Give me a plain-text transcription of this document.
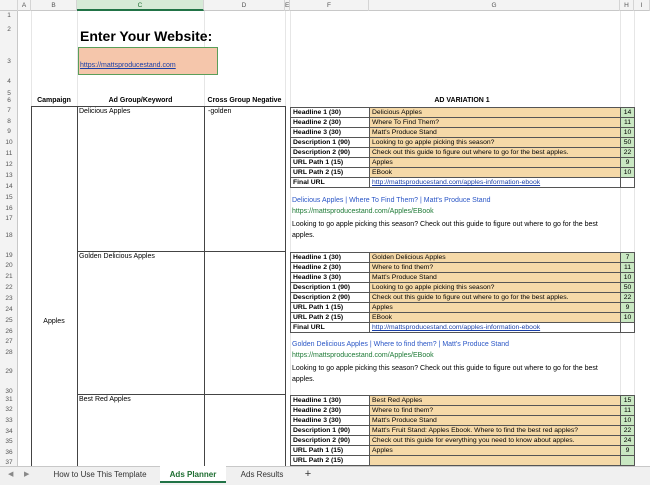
A	B	C	D	E	F	G	H	I
1
2
3
4
5
6
7
8
9
10
11
12
13
14
15
16
17
18
19
20
21
22
23
24
25
26
27
28
29
30
31
32
33
34
35
36
37
Enter Your Website:
https://mattsproducestand.com
Campaign	Ad Group/Keyword	Cross Group Negative	AD VARIATION 1
Apples
Delicious Apples	-golden
Golden Delicious Apples
Best Red Apples
Headline 1 (30)	Delicious Apples	14
Headline 2 (30)	Where To Find Them?	11
Headline 3 (30)	Matt's Produce Stand	10
Description 1 (90)	Looking to go apple picking this season?	50
Description 2 (90)	Check out this guide to figure out where to go for the best apples.	22
URL Path 1 (15)	Apples	9
URL Path 2 (15)	EBook	10
Final URL	http://mattsproducestand.com/apples-information-ebook	
Delicious Apples | Where To Find Them? | Matt's Produce Stand
https://mattsproducestand.com/Apples/EBook
Looking to go apple picking this season? Check out this guide to figure out where to go for the best
apples.
Headline 1 (30)	Golden Delicious Apples	7
Headline 2 (30)	Where to find them?	11
Headline 3 (30)	Matt's Produce Stand	10
Description 1 (90)	Looking to go apple picking this season?	50
Description 2 (90)	Check out this guide to figure out where to go for the best apples.	22
URL Path 1 (15)	Apples	9
URL Path 2 (15)	EBook	10
Final URL	http://mattsproducestand.com/apples-information-ebook	
Golden Delicious Apples | Where to find them? | Matt's Produce Stand
https://mattsproducestand.com/Apples/EBook
Looking to go apple picking this season? Check out this guide to figure out where to go for the best
apples.
Headline 1 (30)	Best Red Apples	15
Headline 2 (30)	Where to find them?	11
Headline 3 (30)	Matt's Produce Stand	10
Description 1 (90)	Matt's Fruit Stand: Apples Ebook. Where to find the best red apples?	22
Description 2 (90)	Check out this guide for everything you need to know about apples.	24
URL Path 1 (15)	Apples	9
URL Path 2 (15)		
◀ ▶	How to Use This Template	Ads Planner	Ads Results	+
